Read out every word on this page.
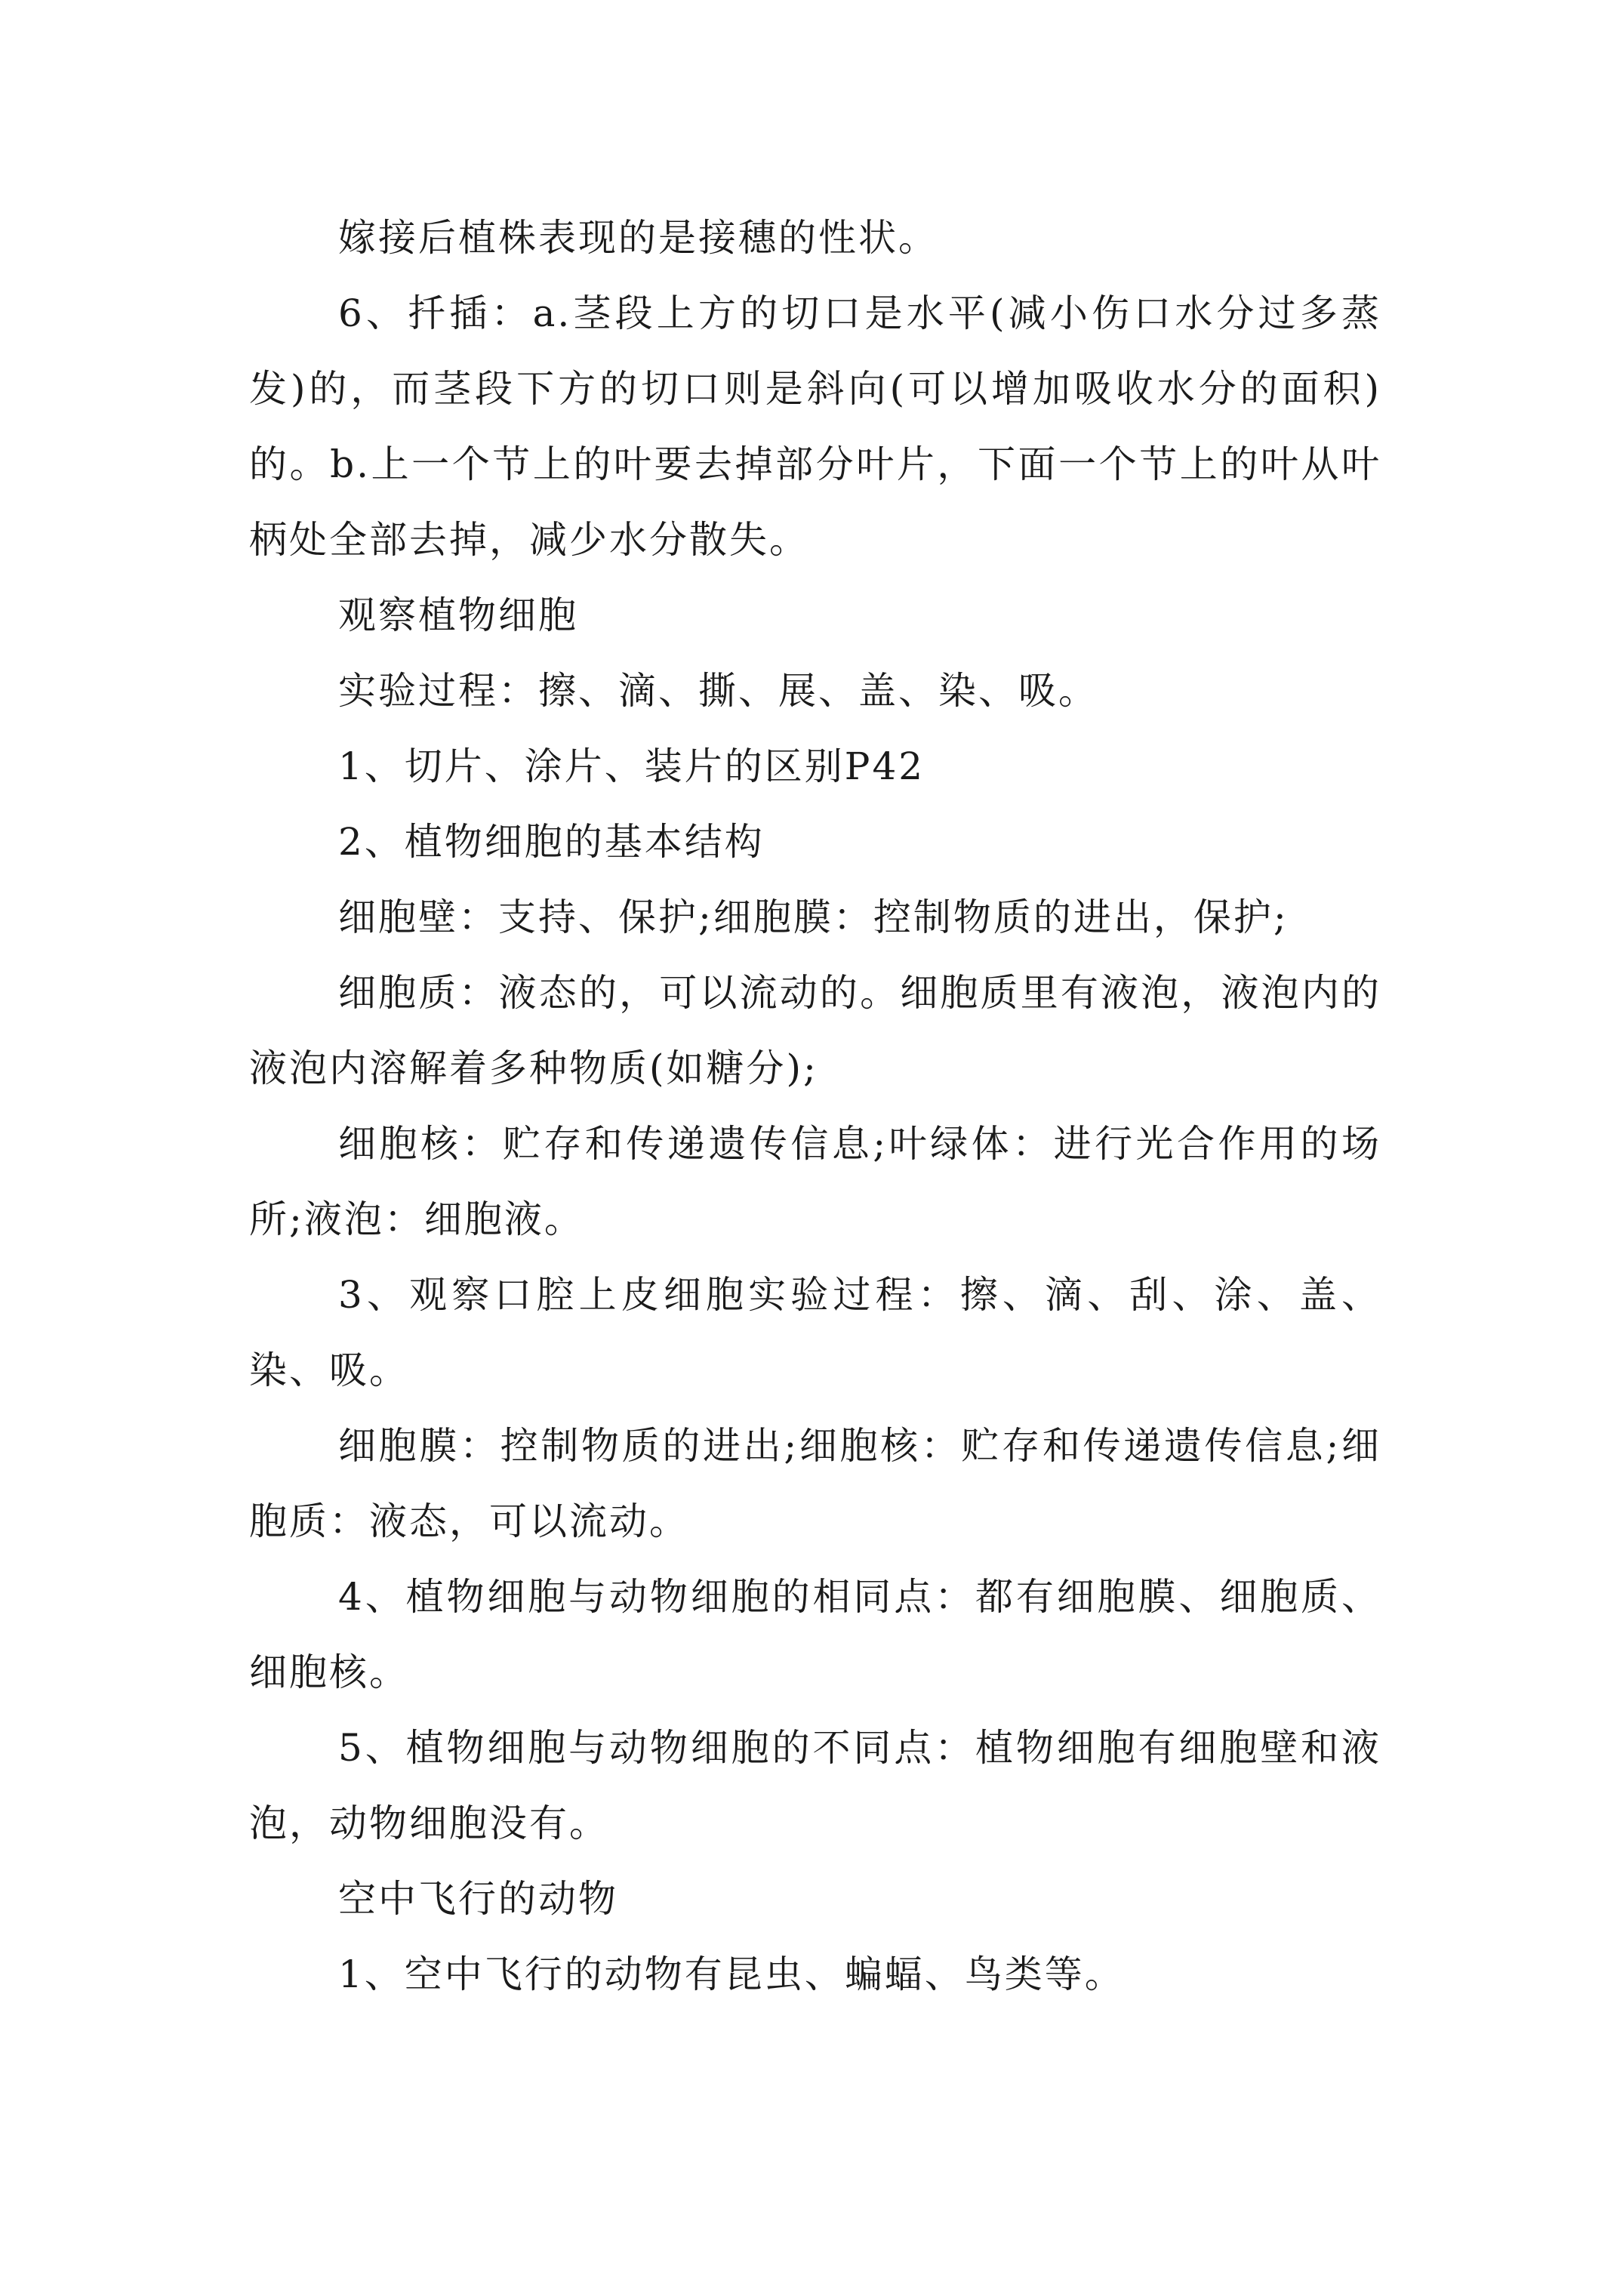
嫁接后植株表现的是接穗的性状。

6、扦插：a.茎段上方的切口是水平(减小伤口水分过多蒸发)的，而茎段下方的切口则是斜向(可以增加吸收水分的面积)的。b.上一个节上的叶要去掉部分叶片，下面一个节上的叶从叶柄处全部去掉，减少水分散失。

观察植物细胞

实验过程：擦、滴、撕、展、盖、染、吸。

1、切片、涂片、装片的区别P42

2、植物细胞的基本结构

细胞壁：支持、保护;细胞膜：控制物质的进出，保护;

细胞质：液态的，可以流动的。细胞质里有液泡，液泡内的液泡内溶解着多种物质(如糖分);

细胞核：贮存和传递遗传信息;叶绿体：进行光合作用的场所;液泡：细胞液。

3、观察口腔上皮细胞实验过程：擦、滴、刮、涂、盖、染、吸。

细胞膜：控制物质的进出;细胞核：贮存和传递遗传信息;细胞质：液态，可以流动。

4、植物细胞与动物细胞的相同点：都有细胞膜、细胞质、细胞核。

5、植物细胞与动物细胞的不同点：植物细胞有细胞壁和液泡，动物细胞没有。

空中飞行的动物

1、空中飞行的动物有昆虫、蝙蝠、鸟类等。
